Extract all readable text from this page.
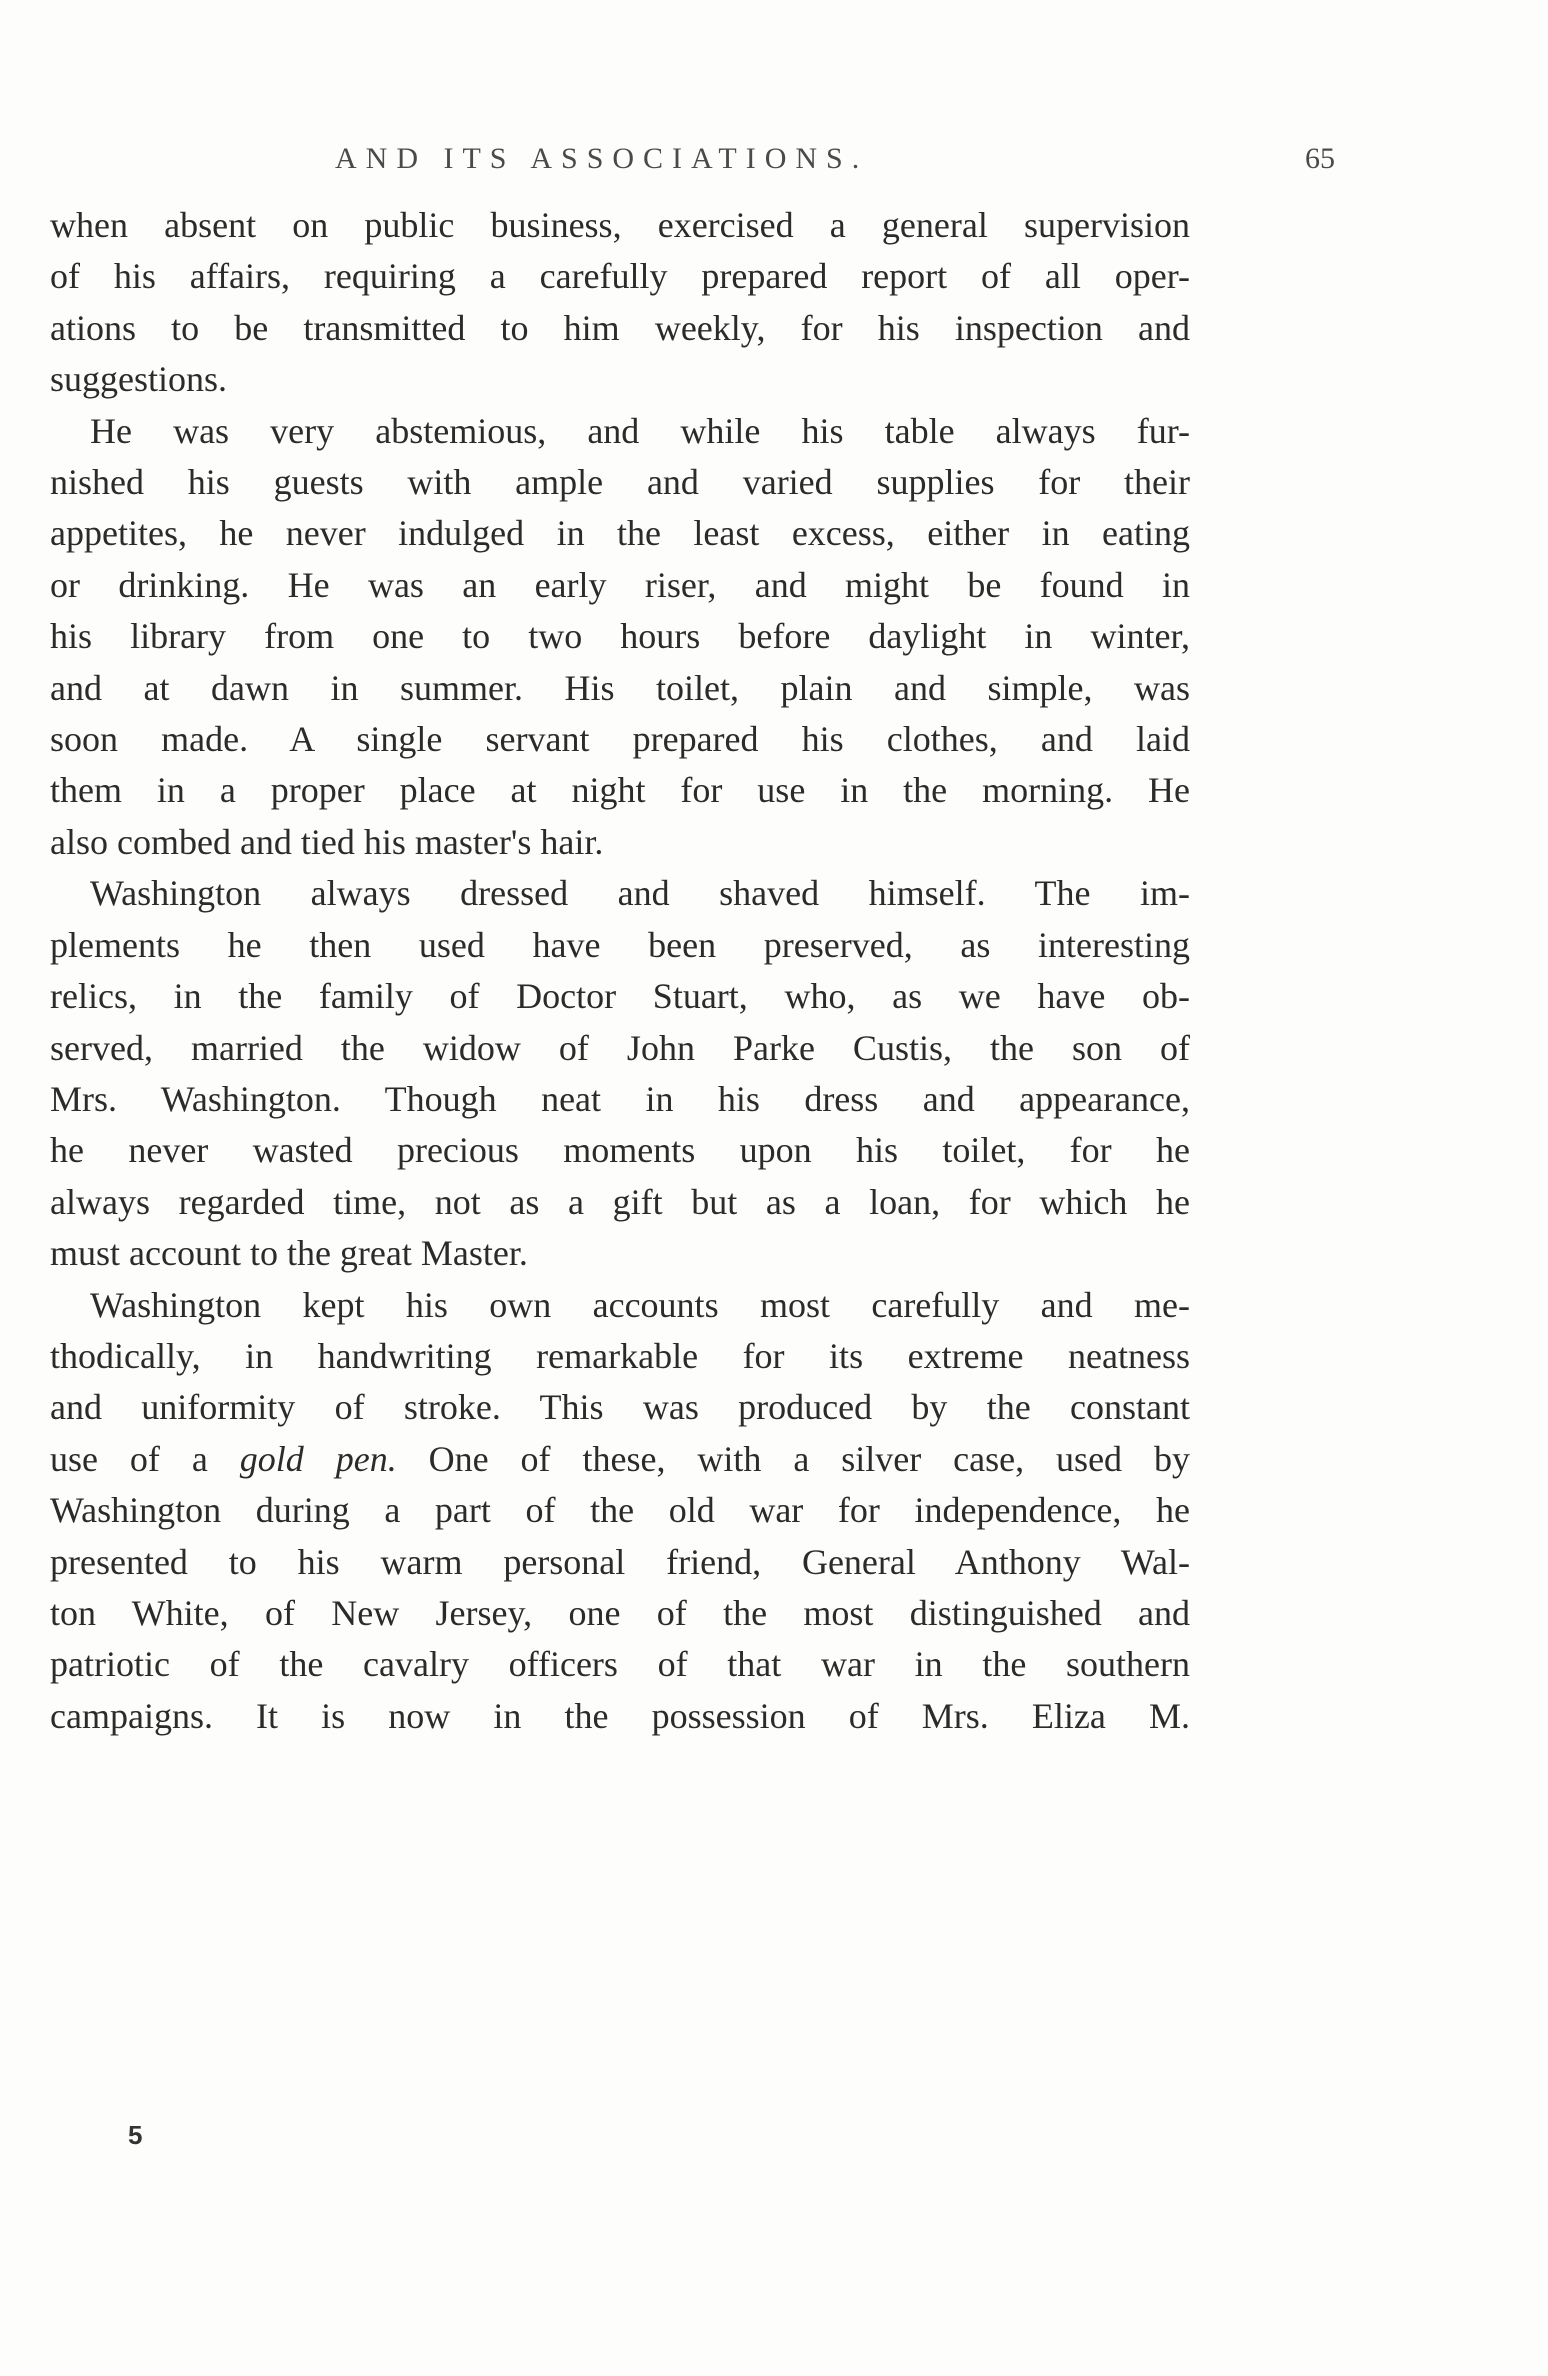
AND ITS ASSOCIATIONS.	65
when absent on public business, exercised a general supervision
of his affairs, requiring a carefully prepared report of all oper-
ations to be transmitted to him weekly, for his inspection and
suggestions.
He was very abstemious, and while his table always fur-
nished his guests with ample and varied supplies for their
appetites, he never indulged in the least excess, either in eating
or drinking. He was an early riser, and might be found in
his library from one to two hours before daylight in winter,
and at dawn in summer. His toilet, plain and simple, was
soon made. A single servant prepared his clothes, and laid
them in a proper place at night for use in the morning. He
also combed and tied his master's hair.
Washington always dressed and shaved himself. The im-
plements he then used have been preserved, as interesting
relics, in the family of Doctor Stuart, who, as we have ob-
served, married the widow of John Parke Custis, the son of
Mrs. Washington. Though neat in his dress and appearance,
he never wasted precious moments upon his toilet, for he
always regarded time, not as a gift but as a loan, for which he
must account to the great Master.
Washington kept his own accounts most carefully and me-
thodically, in handwriting remarkable for its extreme neatness
and uniformity of stroke. This was produced by the constant
use of a gold pen. One of these, with a silver case, used by
Washington during a part of the old war for independence, he
presented to his warm personal friend, General Anthony Wal-
ton White, of New Jersey, one of the most distinguished and
patriotic of the cavalry officers of that war in the southern
campaigns. It is now in the possession of Mrs. Eliza M.
5
